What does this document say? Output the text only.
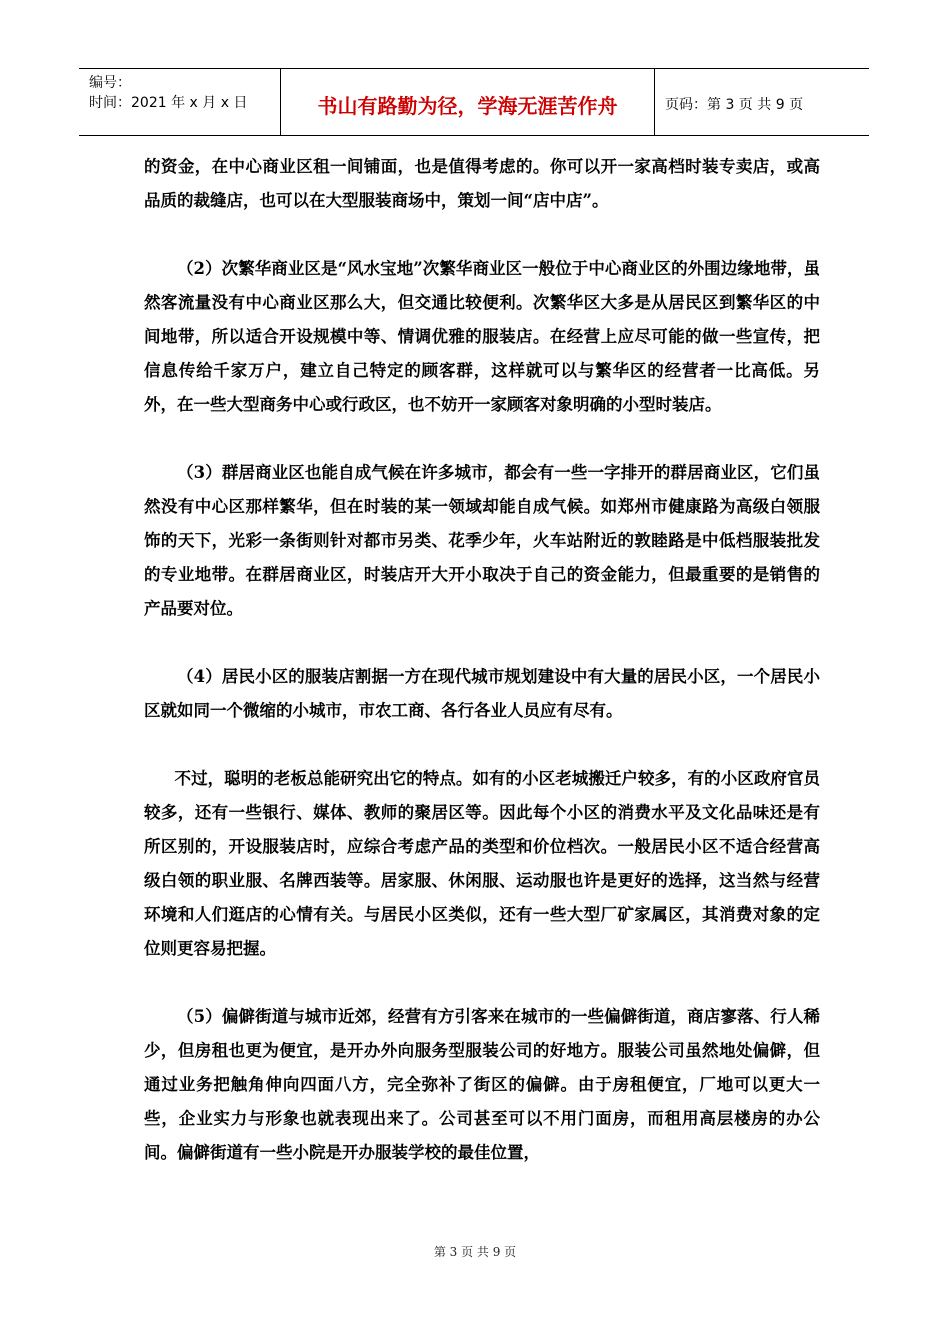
编号：
时间：2021 年 x 月 x 日	书山有路勤为径，学海无涯苦作舟	页码：第 3 页 共 9 页

的资金，在中心商业区租一间铺面，也是值得考虑的。你可以开一家高档时装专卖店，或高品质的裁缝店，也可以在大型服装商场中，策划一间“店中店”。

（2）次繁华商业区是“风水宝地”次繁华商业区一般位于中心商业区的外围边缘地带，虽然客流量没有中心商业区那么大，但交通比较便利。次繁华区大多是从居民区到繁华区的中间地带，所以适合开设规模中等、情调优雅的服装店。在经营上应尽可能的做一些宣传，把信息传给千家万户，建立自己特定的顾客群，这样就可以与繁华区的经营者一比高低。另外，在一些大型商务中心或行政区，也不妨开一家顾客对象明确的小型时装店。

（3）群居商业区也能自成气候在许多城市，都会有一些一字排开的群居商业区，它们虽然没有中心区那样繁华，但在时装的某一领域却能自成气候。如郑州市健康路为高级白领服饰的天下，光彩一条街则针对都市另类、花季少年，火车站附近的敦睦路是中低档服装批发的专业地带。在群居商业区，时装店开大开小取决于自己的资金能力，但最重要的是销售的产品要对位。

（4）居民小区的服装店割据一方在现代城市规划建设中有大量的居民小区，一个居民小区就如同一个微缩的小城市，市农工商、各行各业人员应有尽有。

不过，聪明的老板总能研究出它的特点。如有的小区老城搬迁户较多，有的小区政府官员较多，还有一些银行、媒体、教师的聚居区等。因此每个小区的消费水平及文化品味还是有所区别的，开设服装店时，应综合考虑产品的类型和价位档次。一般居民小区不适合经营高级白领的职业服、名牌西装等。居家服、休闲服、运动服也许是更好的选择，这当然与经营环境和人们逛店的心情有关。与居民小区类似，还有一些大型厂矿家属区，其消费对象的定位则更容易把握。

（5）偏僻街道与城市近郊，经营有方引客来在城市的一些偏僻街道，商店寥落、行人稀少，但房租也更为便宜，是开办外向服务型服装公司的好地方。服装公司虽然地处偏僻，但通过业务把触角伸向四面八方，完全弥补了街区的偏僻。由于房租便宜，厂地可以更大一些，企业实力与形象也就表现出来了。公司甚至可以不用门面房，而租用高层楼房的办公间。偏僻街道有一些小院是开办服装学校的最佳位置，

第 3 页 共 9 页
